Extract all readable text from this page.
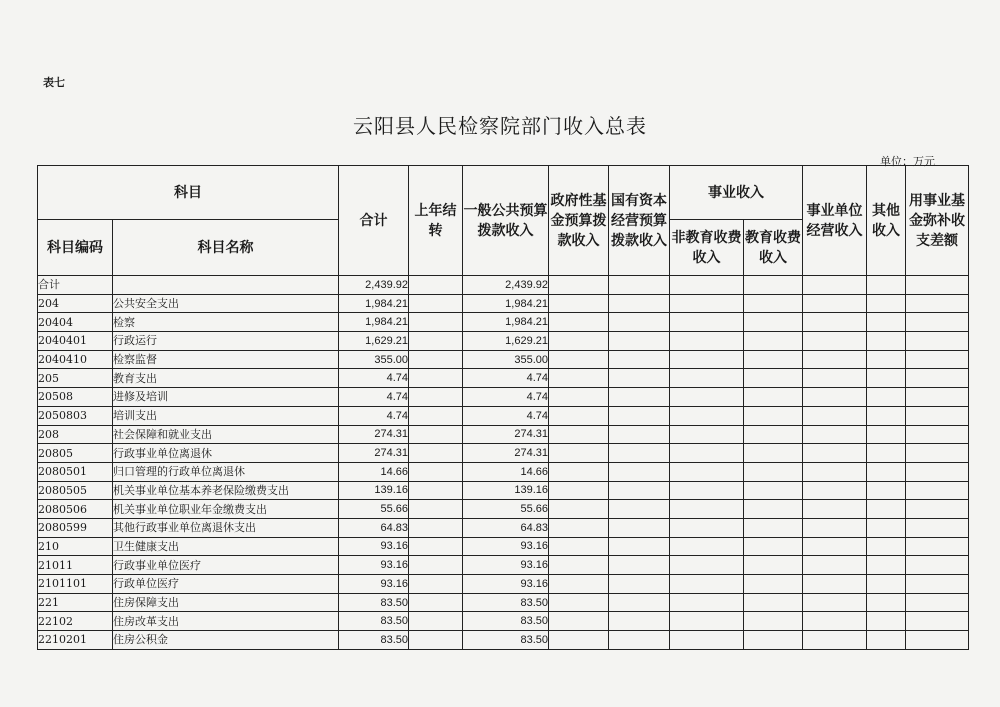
表七
云阳县人民检察院部门收入总表
单位：万元
科目		合计	上年结转	一般公共预算拨款收入	政府性基金预算拨款收入	国有资本经营预算拨款收入	事业收入		事业单位经营收入	其他收入	用事业基金弥补收支差额
科目编码	科目名称						非教育收费收入	教育收费收入			
合计		2,439.92		2,439.92							
204	公共安全支出	1,984.21		1,984.21							
20404	检察	1,984.21		1,984.21							
2040401	行政运行	1,629.21		1,629.21							
2040410	检察监督	355.00		355.00							
205	教育支出	4.74		4.74							
20508	进修及培训	4.74		4.74							
2050803	培训支出	4.74		4.74							
208	社会保障和就业支出	274.31		274.31							
20805	行政事业单位离退休	274.31		274.31							
2080501	归口管理的行政单位离退休	14.66		14.66							
2080505	机关事业单位基本养老保险缴费支出	139.16		139.16							
2080506	机关事业单位职业年金缴费支出	55.66		55.66							
2080599	其他行政事业单位离退休支出	64.83		64.83							
210	卫生健康支出	93.16		93.16							
21011	行政事业单位医疗	93.16		93.16							
2101101	行政单位医疗	93.16		93.16							
221	住房保障支出	83.50		83.50							
22102	住房改革支出	83.50		83.50							
2210201	住房公积金	83.50		83.50							
